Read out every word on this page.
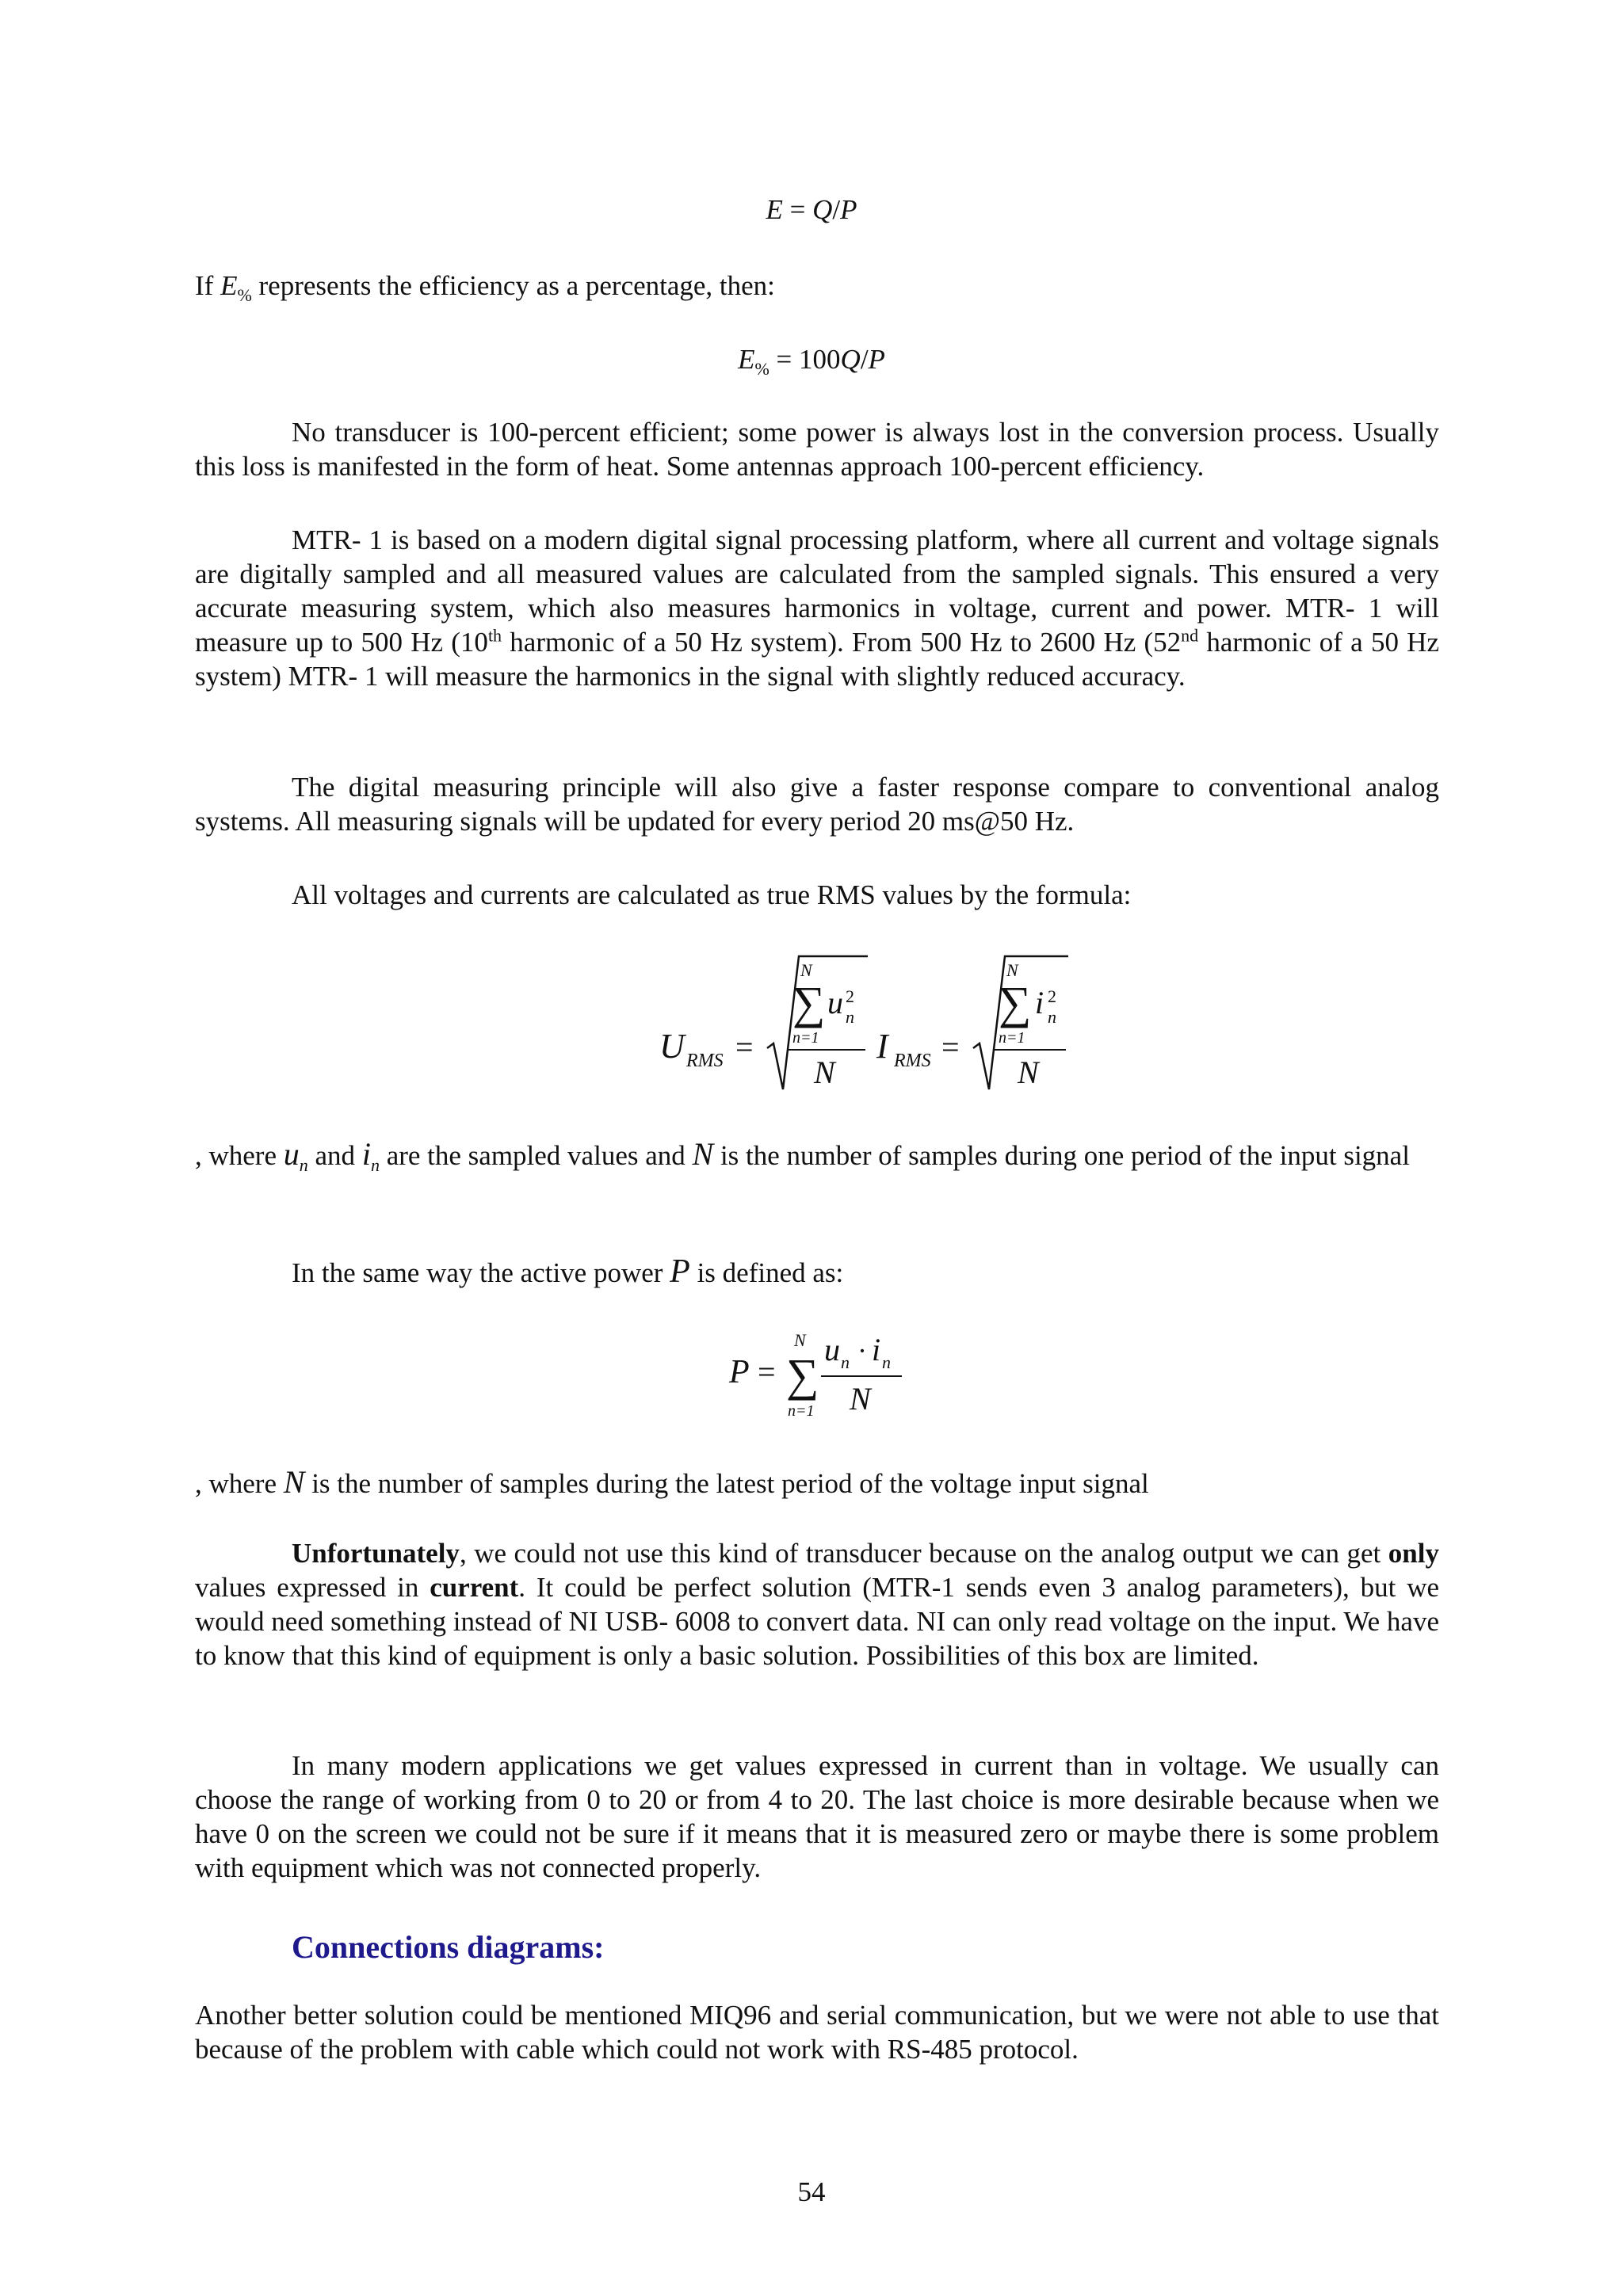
E = Q/P

If $E_{\%}$ represents the efficiency as a percentage, then:

$E_{\%} = 100Q/P$

No transducer is 100-percent efficient; some power is always lost in the conversion process. Usually this loss is manifested in the form of heat. Some antennas approach 100-percent efficiency.

MTR- 1 is based on a modern digital signal processing platform, where all current and voltage signals are digitally sampled and all measured values are calculated from the sampled signals. This ensured a very accurate measuring system, which also measures harmonics in voltage, current and power. MTR- 1 will measure up to 500 Hz (10th harmonic of a 50 Hz system). From 500 Hz to 2600 Hz (52nd harmonic of a 50 Hz system) MTR- 1 will measure the harmonics in the signal with slightly reduced accuracy.

The digital measuring principle will also give a faster response compare to conventional analog systems. All measuring signals will be updated for every period 20 ms@50 Hz.

All voltages and currents are calculated as true RMS values by the formula:

U RMS =
N
∑ u 2
n
n=1
N
I RMS =
N
∑ i 2
n
n=1
N

, where $u_n$ and $i_n$ are the sampled values and N is the number of samples during one period of the input signal

In the same way the active power P is defined as:

P =
N
∑
n=1
u n · i n
N

, where N is the number of samples during the latest period of the voltage input signal

Unfortunately, we could not use this kind of transducer because on the analog output we can get only values expressed in current. It could be perfect solution (MTR-1 sends even 3 analog parameters), but we would need something instead of NI USB- 6008 to convert data. NI can only read voltage on the input. We have to know that this kind of equipment is only a basic solution. Possibilities of this box are limited.

In many modern applications we get values expressed in current than in voltage. We usually can choose the range of working from 0 to 20 or from 4 to 20. The last choice is more desirable because when we have 0 on the screen we could not be sure if it means that it is measured zero or maybe there is some problem with equipment which was not connected properly.

Connections diagrams:

Another better solution could be mentioned MIQ96 and serial communication, but we were not able to use that because of the problem with cable which could not work with RS-485 protocol.

54
